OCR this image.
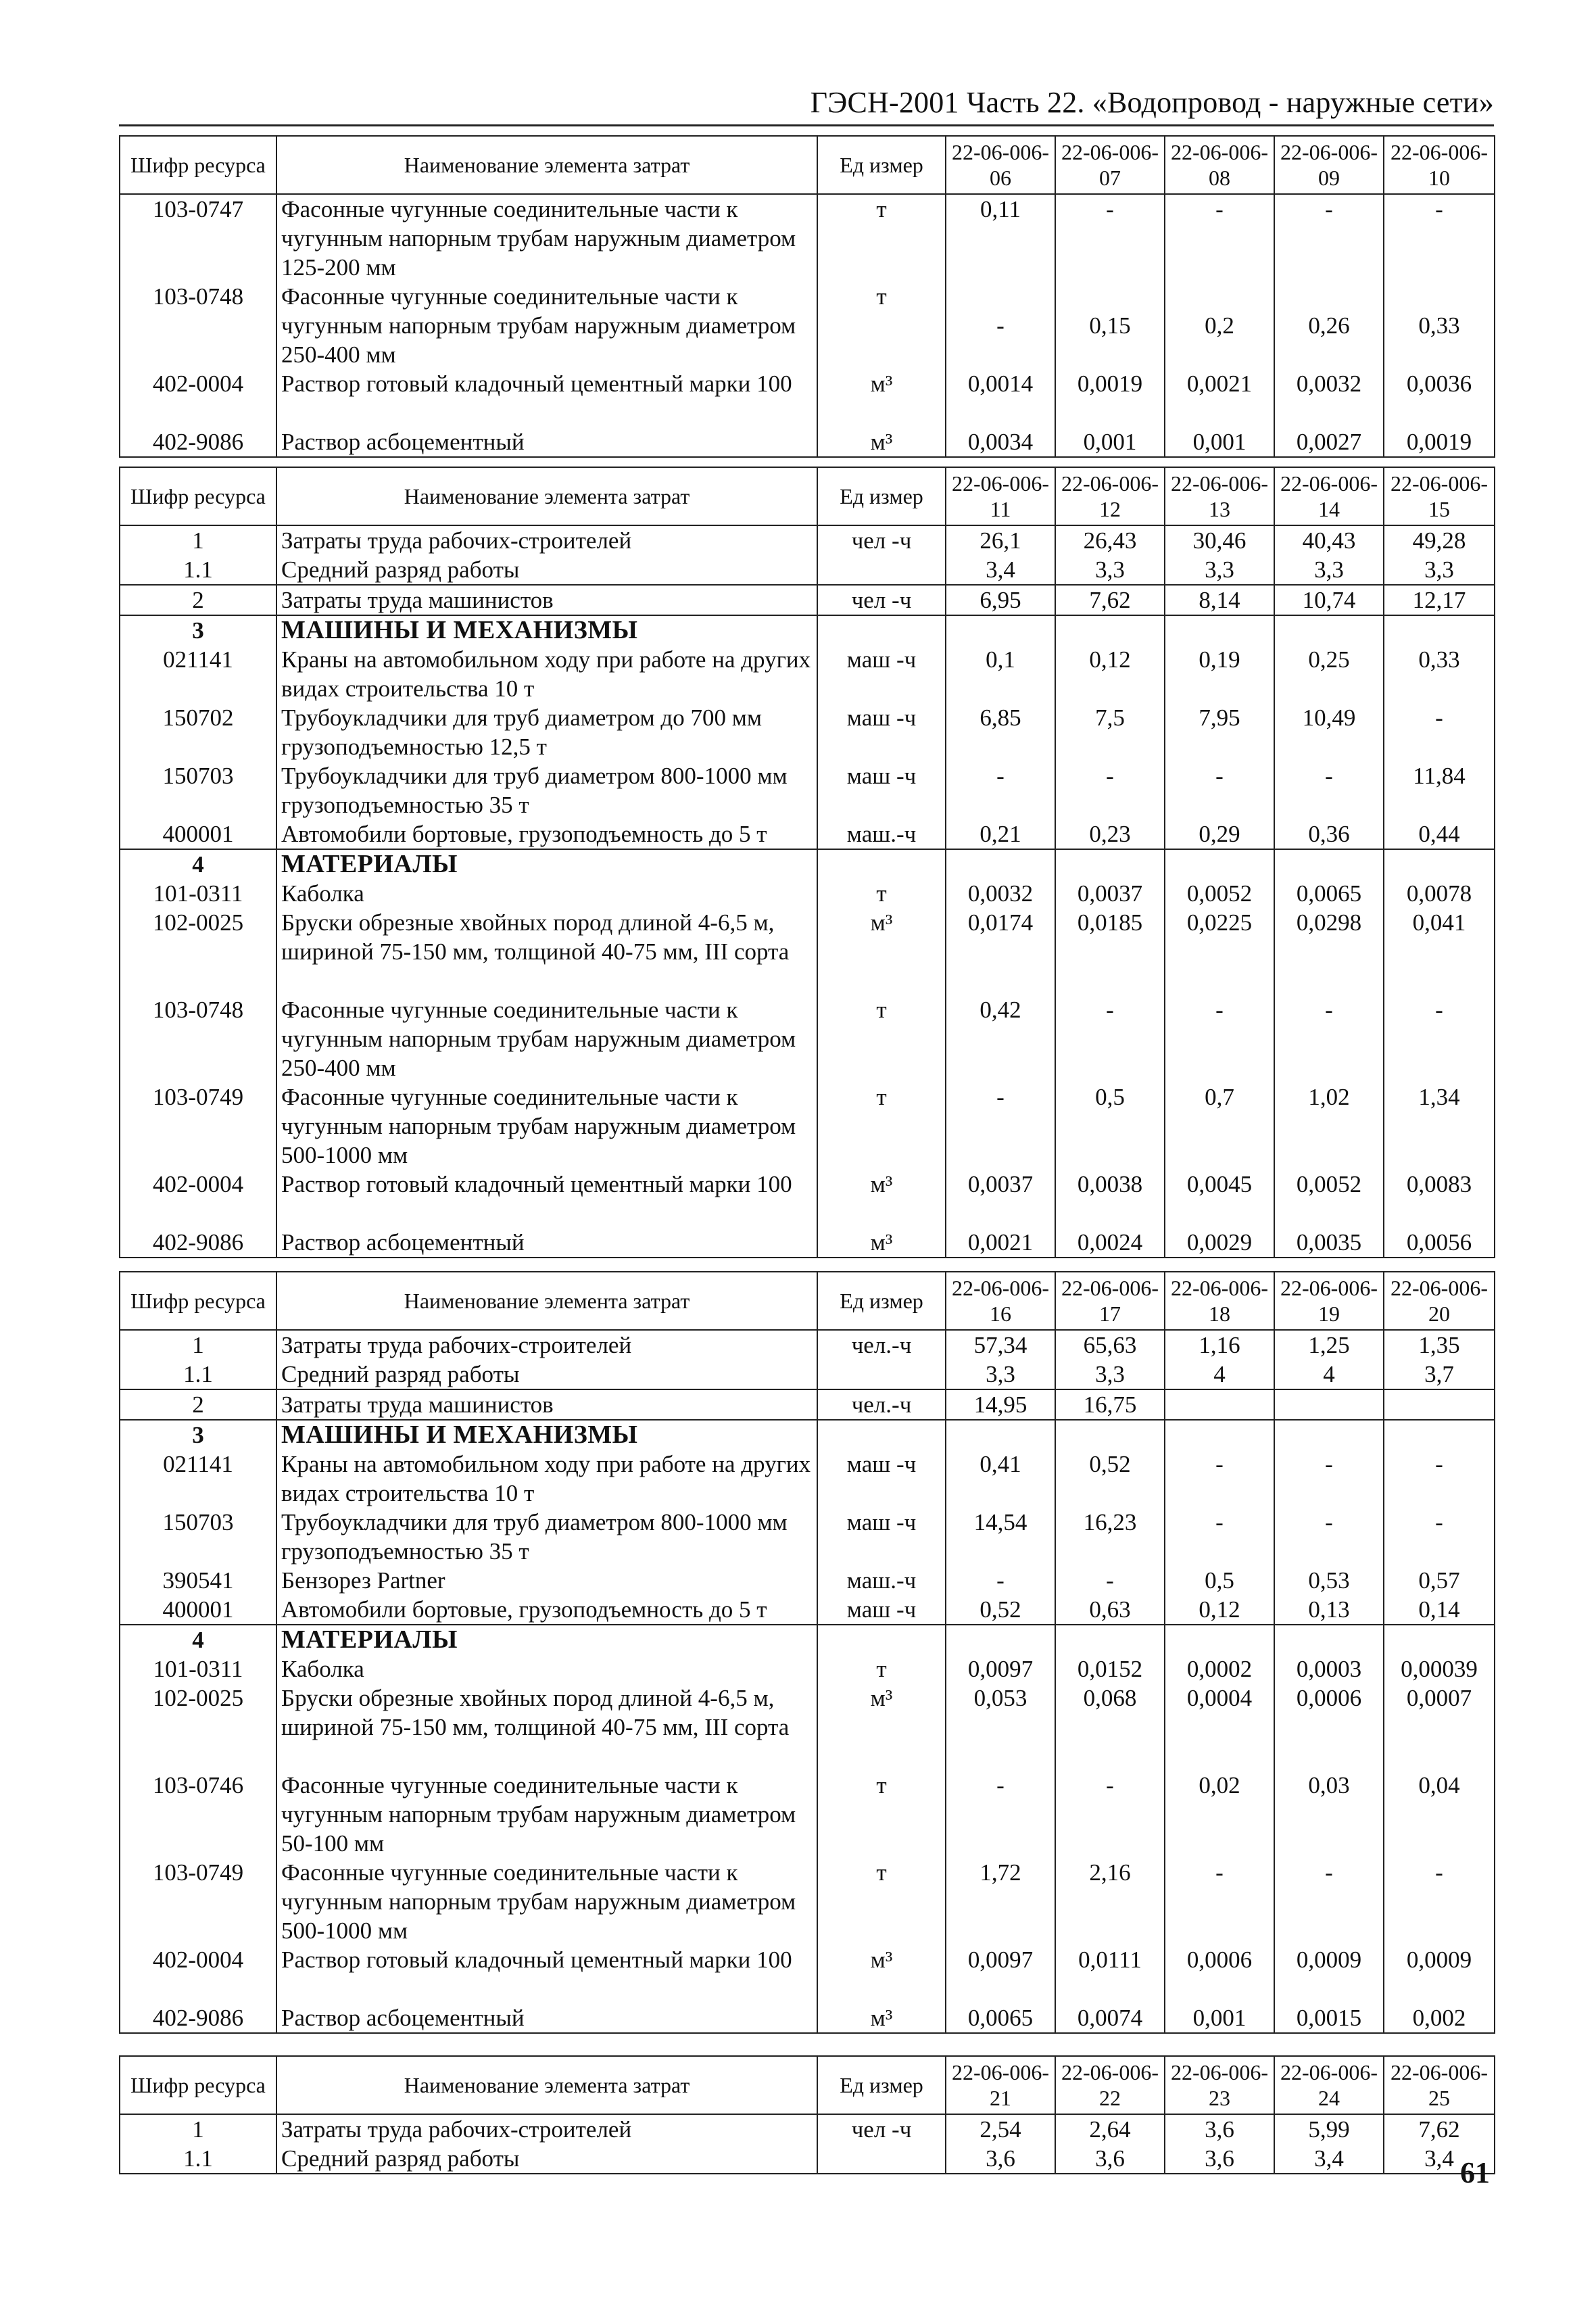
ГЭСН-2001 Часть 22. «Водопровод - наружные сети»
Шифр ресурса	Наименование элемента затрат	Ед измер	22-06-006-06	22-06-006-07	22-06-006-08	22-06-006-09	22-06-006-10
103-0747	Фасонные чугунные соединительные части к чугунным напорным трубам наружным диаметром 125-200 мм	т	0,11	-	-	-	-
103-0748	Фасонные чугунные соединительные части к чугунным напорным трубам наружным диаметром 250-400 мм	т	-	0,15	0,2	0,26	0,33
402-0004	Раствор готовый кладочный цементный марки 100	м³	0,0014	0,0019	0,0021	0,0032	0,0036
402-9086	Раствор асбоцементный	м³	0,0034	0,001	0,001	0,0027	0,0019
Шифр ресурса	Наименование элемента затрат	Ед измер	22-06-006-11	22-06-006-12	22-06-006-13	22-06-006-14	22-06-006-15
1	Затраты труда рабочих-строителей	чел -ч	26,1	26,43	30,46	40,43	49,28
1.1	Средний разряд работы		3,4	3,3	3,3	3,3	3,3
2	Затраты труда машинистов	чел -ч	6,95	7,62	8,14	10,74	12,17
3	МАШИНЫ И МЕХАНИЗМЫ						
021141	Краны на автомобильном ходу при работе на других видах строительства 10 т	маш -ч	0,1	0,12	0,19	0,25	0,33
150702	Трубоукладчики для труб диаметром до 700 мм грузоподъемностью 12,5 т	маш -ч	6,85	7,5	7,95	10,49	-
150703	Трубоукладчики для труб диаметром 800-1000 мм грузоподъемностью 35 т	маш -ч	-	-	-	-	11,84
400001	Автомобили бортовые, грузоподъемность до 5 т	маш.-ч	0,21	0,23	0,29	0,36	0,44
4	МАТЕРИАЛЫ						
101-0311	Каболка	т	0,0032	0,0037	0,0052	0,0065	0,0078
102-0025	Бруски обрезные хвойных пород длиной 4-6,5 м, шириной 75-150 мм, толщиной 40-75 мм, III сорта	м³	0,0174	0,0185	0,0225	0,0298	0,041
103-0748	Фасонные чугунные соединительные части к чугунным напорным трубам наружным диаметром 250-400 мм	т	0,42	-	-	-	-
103-0749	Фасонные чугунные соединительные части к чугунным напорным трубам наружным диаметром 500-1000 мм	т	-	0,5	0,7	1,02	1,34
402-0004	Раствор готовый кладочный цементный марки 100	м³	0,0037	0,0038	0,0045	0,0052	0,0083
402-9086	Раствор асбоцементный	м³	0,0021	0,0024	0,0029	0,0035	0,0056
Шифр ресурса	Наименование элемента затрат	Ед измер	22-06-006-16	22-06-006-17	22-06-006-18	22-06-006-19	22-06-006-20
1	Затраты труда рабочих-строителей	чел.-ч	57,34	65,63	1,16	1,25	1,35
1.1	Средний разряд работы		3,3	3,3	4	4	3,7
2	Затраты труда машинистов	чел.-ч	14,95	16,75			
3	МАШИНЫ И МЕХАНИЗМЫ						
021141	Краны на автомобильном ходу при работе на других видах строительства 10 т	маш -ч	0,41	0,52	-	-	-
150703	Трубоукладчики для труб диаметром 800-1000 мм грузоподъемностью 35 т	маш -ч	14,54	16,23	-	-	-
390541	Бензорез Partner	маш.-ч	-	-	0,5	0,53	0,57
400001	Автомобили бортовые, грузоподъемность до 5 т	маш -ч	0,52	0,63	0,12	0,13	0,14
4	МАТЕРИАЛЫ						
101-0311	Каболка	т	0,0097	0,0152	0,0002	0,0003	0,00039
102-0025	Бруски обрезные хвойных пород длиной 4-6,5 м, шириной 75-150 мм, толщиной 40-75 мм, III сорта	м³	0,053	0,068	0,0004	0,0006	0,0007
103-0746	Фасонные чугунные соединительные части к чугунным напорным трубам наружным диаметром 50-100 мм	т	-	-	0,02	0,03	0,04
103-0749	Фасонные чугунные соединительные части к чугунным напорным трубам наружным диаметром 500-1000 мм	т	1,72	2,16	-	-	-
402-0004	Раствор готовый кладочный цементный марки 100	м³	0,0097	0,0111	0,0006	0,0009	0,0009
402-9086	Раствор асбоцементный	м³	0,0065	0,0074	0,001	0,0015	0,002
Шифр ресурса	Наименование элемента затрат	Ед измер	22-06-006-21	22-06-006-22	22-06-006-23	22-06-006-24	22-06-006-25
1	Затраты труда рабочих-строителей	чел -ч	2,54	2,64	3,6	5,99	7,62
1.1	Средний разряд работы		3,6	3,6	3,6	3,4	3,4 61
